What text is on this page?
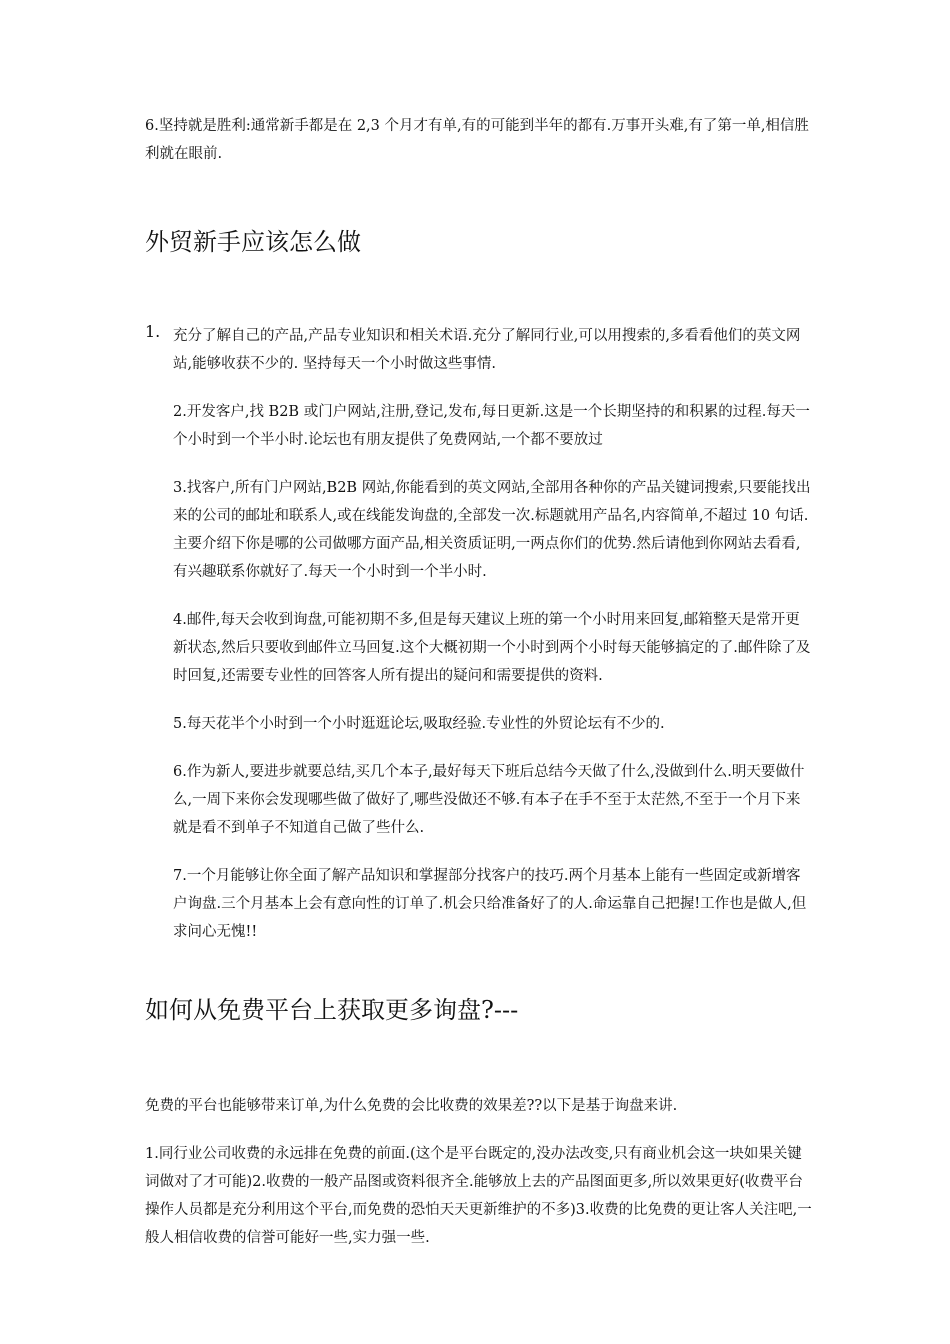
6.坚持就是胜利:通常新手都是在 2,3 个月才有单,有的可能到半年的都有.万事开头难,有了第一单,相信胜利就在眼前.

外贸新手应该怎么做
1. 充分了解自己的产品,产品专业知识和相关术语.充分了解同行业,可以用搜索的,多看看他们的英文网站,能够收获不少的. 坚持每天一个小时做这些事情.

2.开发客户,找 B2B 或门户网站,注册,登记,发布,每日更新.这是一个长期坚持的和积累的过程.每天一个小时到一个半小时.论坛也有朋友提供了免费网站,一个都不要放过

3.找客户,所有门户网站,B2B 网站,你能看到的英文网站,全部用各种你的产品关键词搜索,只要能找出来的公司的邮址和联系人,或在线能发询盘的,全部发一次.标题就用产品名,内容简单,不超过 10 句话.主要介绍下你是哪的公司做哪方面产品,相关资质证明,一两点你们的优势.然后请他到你网站去看看,有兴趣联系你就好了.每天一个小时到一个半小时.

4.邮件,每天会收到询盘,可能初期不多,但是每天建议上班的第一个小时用来回复,邮箱整天是常开更新状态,然后只要收到邮件立马回复.这个大概初期一个小时到两个小时每天能够搞定的了.邮件除了及时回复,还需要专业性的回答客人所有提出的疑问和需要提供的资料.

5.每天花半个小时到一个小时逛逛论坛,吸取经验.专业性的外贸论坛有不少的.

6.作为新人,要进步就要总结,买几个本子,最好每天下班后总结今天做了什么,没做到什么.明天要做什么,一周下来你会发现哪些做了做好了,哪些没做还不够.有本子在手不至于太茫然,不至于一个月下来就是看不到单子不知道自己做了些什么.

7.一个月能够让你全面了解产品知识和掌握部分找客户的技巧.两个月基本上能有一些固定或新增客户询盘.三个月基本上会有意向性的订单了.机会只给准备好了的人.命运靠自己把握!工作也是做人,但求问心无愧!!

如何从免费平台上获取更多询盘?---

免费的平台也能够带来订单,为什么免费的会比收费的效果差??以下是基于询盘来讲.

1.同行业公司收费的永远排在免费的前面.(这个是平台既定的,没办法改变,只有商业机会这一块如果关键词做对了才可能)2.收费的一般产品图或资料很齐全.能够放上去的产品图面更多,所以效果更好(收费平台操作人员都是充分利用这个平台,而免费的恐怕天天更新维护的不多)3.收费的比免费的更让客人关注吧,一般人相信收费的信誉可能好一些,实力强一些.
